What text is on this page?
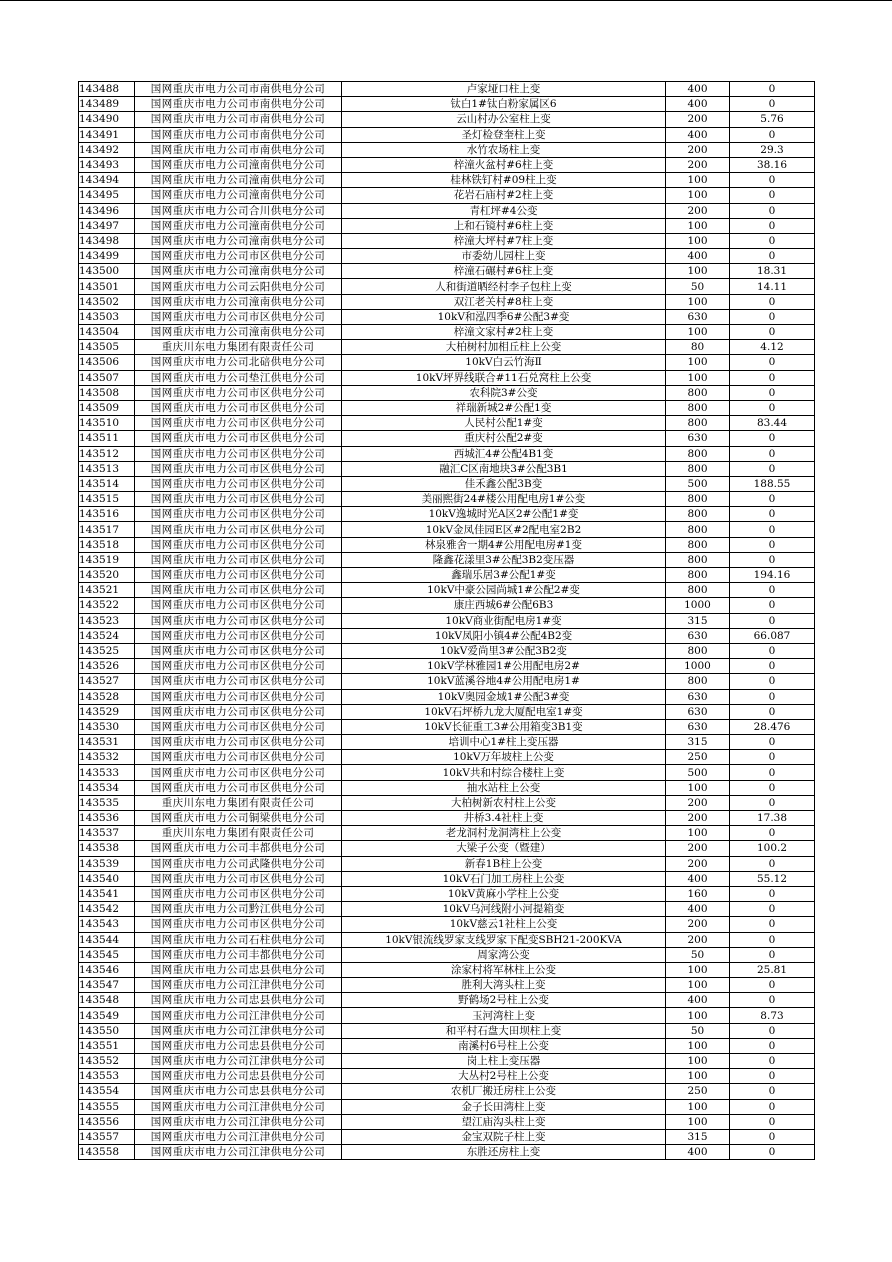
143488	国网重庆市电力公司市南供电分公司	卢家垭口柱上变	400	0
143489	国网重庆市电力公司市南供电分公司	钛白1#钛白粉家属区6	400	0
143490	国网重庆市电力公司市南供电分公司	云山村办公室柱上变	200	5.76
143491	国网重庆市电力公司市南供电分公司	圣灯检登奎柱上变	400	0
143492	国网重庆市电力公司市南供电分公司	水竹农场柱上变	200	29.3
143493	国网重庆市电力公司潼南供电分公司	梓潼火盆村#6柱上变	200	38.16
143494	国网重庆市电力公司潼南供电分公司	桂林铁钉村#09柱上变	100	0
143495	国网重庆市电力公司潼南供电分公司	花岩石庙村#2柱上变	100	0
143496	国网重庆市电力公司合川供电分公司	青杠坪#4公变	200	0
143497	国网重庆市电力公司潼南供电分公司	上和石镜村#6柱上变	100	0
143498	国网重庆市电力公司潼南供电分公司	梓潼大坪村#7柱上变	100	0
143499	国网重庆市电力公司市区供电分公司	市委幼儿园柱上变	400	0
143500	国网重庆市电力公司潼南供电分公司	梓潼石碾村#6柱上变	100	18.31
143501	国网重庆市电力公司云阳供电分公司	人和街道晒经村李子包柱上变	50	14.11
143502	国网重庆市电力公司潼南供电分公司	双江老关村#8柱上变	100	0
143503	国网重庆市电力公司市区供电分公司	10kV和泓四季6#公配3#变	630	0
143504	国网重庆市电力公司潼南供电分公司	梓潼文家村#2柱上变	100	0
143505	重庆川东电力集团有限责任公司	大柏树村加相丘柱上公变	80	4.12
143506	国网重庆市电力公司北碚供电分公司	10kV白云竹海Ⅱ	100	0
143507	国网重庆市电力公司垫江供电分公司	10kV坪界线联合#11石兑窝柱上公变	100	0
143508	国网重庆市电力公司市区供电分公司	农科院3#公变	800	0
143509	国网重庆市电力公司市区供电分公司	祥瑞新城2#公配1变	800	0
143510	国网重庆市电力公司市区供电分公司	人民村公配1#变	800	83.44
143511	国网重庆市电力公司市区供电分公司	重庆村公配2#变	630	0
143512	国网重庆市电力公司市区供电分公司	西城汇4#公配4B1变	800	0
143513	国网重庆市电力公司市区供电分公司	融汇C区南地块3#公配3B1	800	0
143514	国网重庆市电力公司市区供电分公司	佳禾鑫公配3B变	500	188.55
143515	国网重庆市电力公司市区供电分公司	美丽熙街24#楼公用配电房1#公变	800	0
143516	国网重庆市电力公司市区供电分公司	10kV逸城时光A区2#公配1#变	800	0
143517	国网重庆市电力公司市区供电分公司	10kV金凤佳园E区#2配电室2B2	800	0
143518	国网重庆市电力公司市区供电分公司	林泉雅舍一期4#公用配电房#1变	800	0
143519	国网重庆市电力公司市区供电分公司	隆鑫花漾里3#公配3B2变压器	800	0
143520	国网重庆市电力公司市区供电分公司	鑫瑞乐居3#公配1#变	800	194.16
143521	国网重庆市电力公司市区供电分公司	10kV中豪公园尚城1#公配2#变	800	0
143522	国网重庆市电力公司市区供电分公司	康庄西城6#公配6B3	1000	0
143523	国网重庆市电力公司市区供电分公司	10kV商业街配电房1#变	315	0
143524	国网重庆市电力公司市区供电分公司	10kV凤阳小镇4#公配4B2变	630	66.087
143525	国网重庆市电力公司市区供电分公司	10kV爱尚里3#公配3B2变	800	0
143526	国网重庆市电力公司市区供电分公司	10kV学林雅园1#公用配电房2#	1000	0
143527	国网重庆市电力公司市区供电分公司	10kV蓝溪谷地4#公用配电房1#	800	0
143528	国网重庆市电力公司市区供电分公司	10kV奥园金域1#公配3#变	630	0
143529	国网重庆市电力公司市区供电分公司	10kV石坪桥九龙大厦配电室1#变	630	0
143530	国网重庆市电力公司市区供电分公司	10kV长征重工3#公用箱变3B1变	630	28.476
143531	国网重庆市电力公司市区供电分公司	培训中心1#柱上变压器	315	0
143532	国网重庆市电力公司市区供电分公司	10kV万年坡柱上公变	250	0
143533	国网重庆市电力公司市区供电分公司	10kV共和村综合楼柱上变	500	0
143534	国网重庆市电力公司市区供电分公司	抽水站柱上公变	100	0
143535	重庆川东电力集团有限责任公司	大柏树新农村柱上公变	200	0
143536	国网重庆市电力公司铜梁供电分公司	井桥3.4社柱上变	200	17.38
143537	重庆川东电力集团有限责任公司	老龙洞村龙洞湾柱上公变	100	0
143538	国网重庆市电力公司丰都供电分公司	大梁子公变（暨建）	200	100.2
143539	国网重庆市电力公司武隆供电分公司	新春1B柱上公变	200	0
143540	国网重庆市电力公司市区供电分公司	10kV石门加工房柱上公变	400	55.12
143541	国网重庆市电力公司市区供电分公司	10kV黄麻小学柱上公变	160	0
143542	国网重庆市电力公司黔江供电分公司	10kV乌河线附小河提箱变	400	0
143543	国网重庆市电力公司市区供电分公司	10kV慈云1社柱上公变	200	0
143544	国网重庆市电力公司石柱供电分公司	10kV银流线罗家支线罗家下配变SBH21-200KVA	200	0
143545	国网重庆市电力公司丰都供电分公司	周家湾公变	50	0
143546	国网重庆市电力公司忠县供电分公司	涂家村将军林柱上公变	100	25.81
143547	国网重庆市电力公司江津供电分公司	胜利大湾头柱上变	100	0
143548	国网重庆市电力公司忠县供电分公司	野鹤场2号柱上公变	400	0
143549	国网重庆市电力公司江津供电分公司	玉河湾柱上变	100	8.73
143550	国网重庆市电力公司江津供电分公司	和平村石盘大田坝柱上变	50	0
143551	国网重庆市电力公司忠县供电分公司	南溪村6号柱上公变	100	0
143552	国网重庆市电力公司江津供电分公司	岗上柱上变压器	100	0
143553	国网重庆市电力公司忠县供电分公司	大丛村2号柱上公变	100	0
143554	国网重庆市电力公司忠县供电分公司	农机厂搬迁房柱上公变	250	0
143555	国网重庆市电力公司江津供电分公司	金子长田湾柱上变	100	0
143556	国网重庆市电力公司江津供电分公司	望江庙沟头柱上变	100	0
143557	国网重庆市电力公司江津供电分公司	金宝双院子柱上变	315	0
143558	国网重庆市电力公司江津供电分公司	东胜还房柱上变	400	0
